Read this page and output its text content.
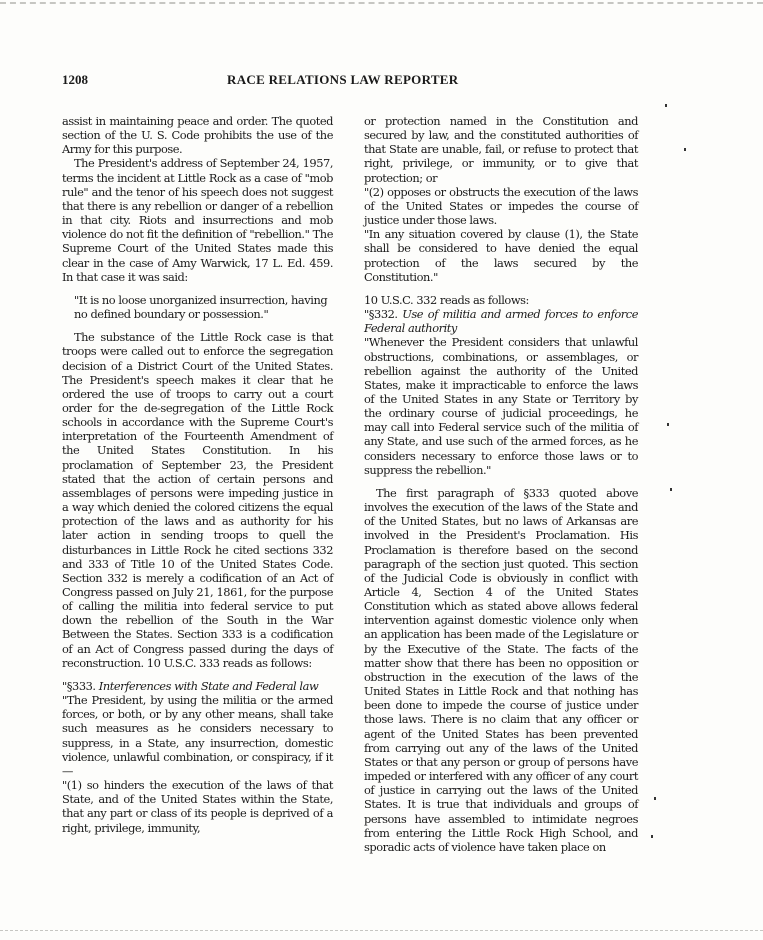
1208	RACE RELATIONS LAW REPORTER

assist in maintaining peace and order. The quoted section of the U. S. Code prohibits the use of the Army for this purpose.

The President's address of September 24, 1957, terms the incident at Little Rock as a case of "mob rule" and the tenor of his speech does not suggest that there is any rebellion or danger of a rebellion in that city. Riots and insurrections and mob violence do not fit the definition of "rebellion." The Supreme Court of the United States made this clear in the case of Amy Warwick, 17 L. Ed. 459. In that case it was said:

"It is no loose unorganized insurrection, having no defined boundary or possession."

The substance of the Little Rock case is that troops were called out to enforce the segregation decision of a District Court of the United States. The President's speech makes it clear that he ordered the use of troops to carry out a court order for the de-segregation of the Little Rock schools in accordance with the Supreme Court's interpretation of the Fourteenth Amendment of the United States Constitution. In his proclamation of September 23, the President stated that the action of certain persons and assemblages of persons were impeding justice in a way which denied the colored citizens the equal protection of the laws and as authority for his later action in sending troops to quell the disturbances in Little Rock he cited sections 332 and 333 of Title 10 of the United States Code. Section 332 is merely a codification of an Act of Congress passed on July 21, 1861, for the purpose of calling the militia into federal service to put down the rebellion of the South in the War Between the States. Section 333 is a codification of an Act of Congress passed during the days of reconstruction. 10 U.S.C. 333 reads as follows:

"§333. Interferences with State and Federal law

"The President, by using the militia or the armed forces, or both, or by any other means, shall take such measures as he considers necessary to suppress, in a State, any insurrection, domestic violence, unlawful combination, or conspiracy, if it—

"(1) so hinders the execution of the laws of that State, and of the United States within the State, that any part or class of its people is deprived of a right, privilege, immunity,

or protection named in the Constitution and secured by law, and the constituted authorities of that State are unable, fail, or refuse to protect that right, privilege, or immunity, or to give that protection; or

"(2) opposes or obstructs the execution of the laws of the United States or impedes the course of justice under those laws.

"In any situation covered by clause (1), the State shall be considered to have denied the equal protection of the laws secured by the Constitution."

10 U.S.C. 332 reads as follows:

"§332. Use of militia and armed forces to enforce Federal authority

"Whenever the President considers that unlawful obstructions, combinations, or assemblages, or rebellion against the authority of the United States, make it impracticable to enforce the laws of the United States in any State or Territory by the ordinary course of judicial proceedings, he may call into Federal service such of the militia of any State, and use such of the armed forces, as he considers necessary to enforce those laws or to suppress the rebellion."

The first paragraph of §333 quoted above involves the execution of the laws of the State and of the United States, but no laws of Arkansas are involved in the President's Proclamation. His Proclamation is therefore based on the second paragraph of the section just quoted. This section of the Judicial Code is obviously in conflict with Article 4, Section 4 of the United States Constitution which as stated above allows federal intervention against domestic violence only when an application has been made of the Legislature or by the Executive of the State. The facts of the matter show that there has been no opposition or obstruction in the execution of the laws of the United States in Little Rock and that nothing has been done to impede the course of justice under those laws. There is no claim that any officer or agent of the United States has been prevented from carrying out any of the laws of the United States or that any person or group of persons have impeded or interfered with any officer of any court of justice in carrying out the laws of the United States. It is true that individuals and groups of persons have assembled to intimidate negroes from entering the Little Rock High School, and sporadic acts of violence have taken place on
